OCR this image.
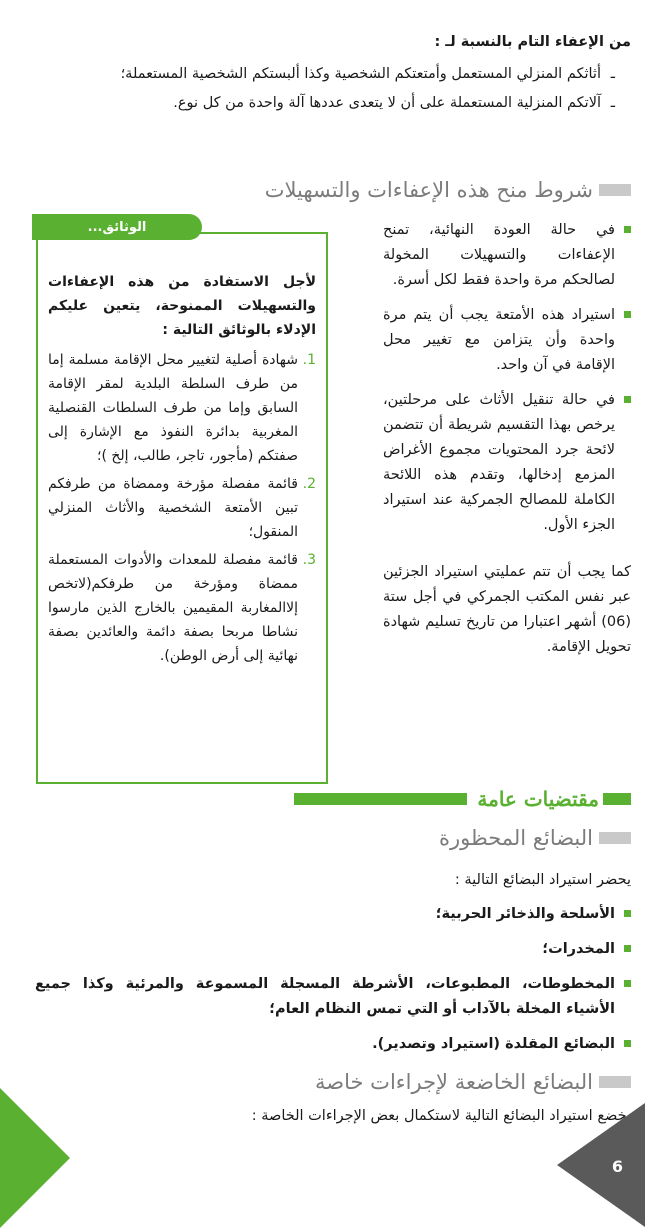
من الإعفاء التام بالنسبة لـ :
ـ أثاثكم المنزلي المستعمل وأمتعتكم الشخصية وكذا ألبستكم الشخصية المستعملة؛
ـ آلاتكم المنزلية المستعملة على أن لا يتعدى عددها آلة واحدة من كل نوع.
شروط منح هذه الإعفاءات والتسهيلات
في حالة العودة النهائية، تمنح الإعفاءات والتسهيلات المخولة لصالحكم مرة واحدة فقط لكل أسرة.
استيراد هذه الأمتعة يجب أن يتم مرة واحدة وأن يتزامن مع تغيير محل الإقامة في آن واحد.
في حالة تنقيل الأثاث على مرحلتين، يرخص بهذا التقسيم شريطة أن تتضمن لائحة جرد المحتويات مجموع الأغراض المزمع إدخالها، وتقدم هذه اللائحة الكاملة للمصالح الجمركية عند استيراد الجزء الأول.
كما يجب أن تتم عمليتي استيراد الجزئين عبر نفس المكتب الجمركي في أجل ستة (06) أشهر اعتبارا من تاريخ تسليم شهادة تحويل الإقامة.
لأجل الاستفادة من هذه الإعفاءات والتسهيلات الممنوحة، يتعين عليكم الإدلاء بالوثائق التالية :
1.
شهادة أصلية لتغيير محل الإقامة مسلمة إما من طرف السلطة البلدية لمقر الإقامة السابق وإما من طرف السلطات القنصلية المغربية بدائرة النفوذ مع الإشارة إلى صفتكم (مأجور، تاجر، طالب، إلخ )؛
2.
قائمة مفصلة مؤرخة وممضاة من طرفكم تبين الأمتعة الشخصية والأثاث المنزلي المنقول؛
3.
قائمة مفصلة للمعدات والأدوات المستعملة ممضاة ومؤرخة من طرفكم(لاتخص إلاالمغاربة المقيمين بالخارج الذين مارسوا نشاطا مربحا بصفة دائمة والعائدين بصفة نهائية إلى أرض الوطن).
الوثائق...
مقتضيات عامة
البضائع المحظورة
يحضر استيراد البضائع التالية :
الأسلحة والذخائر الحربية؛
المخدرات؛
المخطوطات، المطبوعات، الأشرطة المسجلة المسموعة والمرئية وكذا جميع الأشياء المخلة بالآداب أو التي تمس النظام العام؛
البضائع المقلدة (استيراد وتصدير).
البضائع الخاضعة لإجراءات خاصة
يخضع استيراد البضائع التالية لاستكمال بعض الإجراءات الخاصة :
6
